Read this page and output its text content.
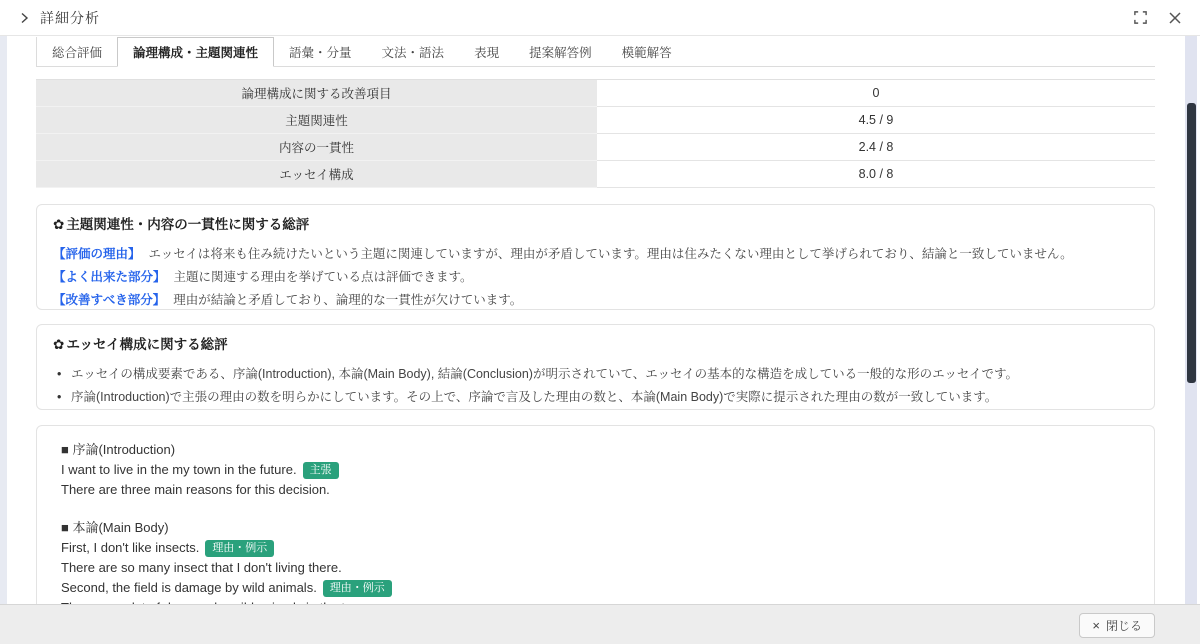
詳細分析
総合評価	論理構成・主題関連性	語彙・分量	文法・語法	表現	提案解答例	模範解答
論理構成に関する改善項目	0
主題関連性	4.5 / 9
内容の一貫性	2.4 / 8
エッセイ構成	8.0 / 8
✿ 主題関連性・内容の一貫性に関する総評
【評価の理由】 エッセイは将来も住み続けたいという主題に関連していますが、理由が矛盾しています。理由は住みたくない理由として挙げられており、結論と一致していません。
【よく出来た部分】 主題に関連する理由を挙げている点は評価できます。
【改善すべき部分】 理由が結論と矛盾しており、論理的な一貫性が欠けています。
✿ エッセイ構成に関する総評
• エッセイの構成要素である、序論(Introduction), 本論(Main Body), 結論(Conclusion)が明示されていて、エッセイの基本的な構造を成している一般的な形のエッセイです。
• 序論(Introduction)で主張の理由の数を明らかにしています。その上で、序論で言及した理由の数と、本論(Main Body)で実際に提示された理由の数が一致しています。
■ 序論(Introduction)
I want to live in the my town in the future. 主張
There are three main reasons for this decision.
■ 本論(Main Body)
First, I don't like insects. 理由・例示
There are so many insect that I don't living there.
Second, the field is damage by wild animals. 理由・例示
× 閉じる
